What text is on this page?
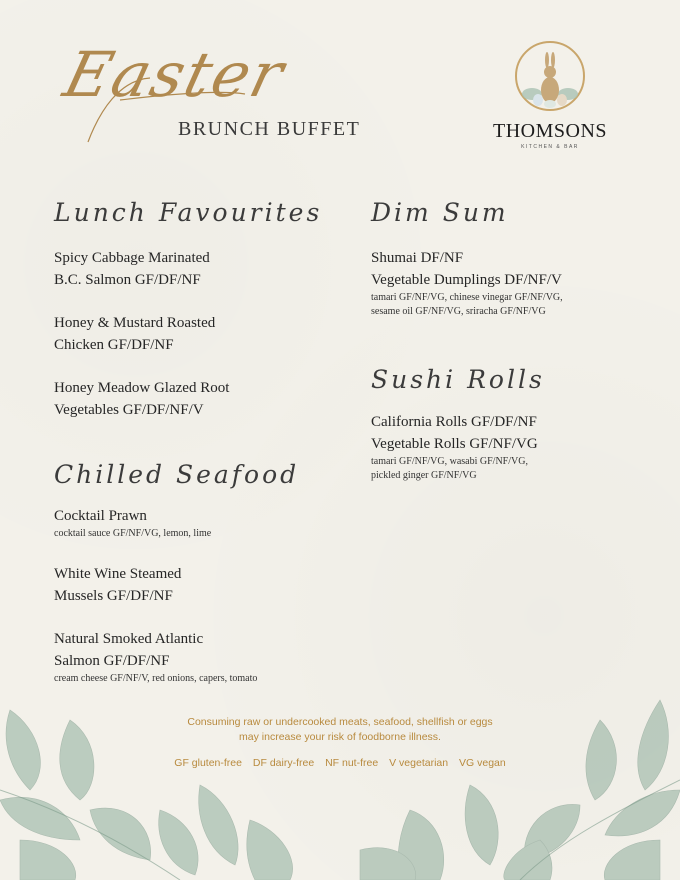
Easter
BRUNCH BUFFET	THOMSONS
KITCHEN & BAR
Lunch Favourites
Spicy Cabbage Marinated
B.C. Salmon GF/DF/NF
Honey & Mustard Roasted
Chicken GF/DF/NF
Honey Meadow Glazed Root
Vegetables GF/DF/NF/V
Chilled Seafood
Cocktail Prawn
cocktail sauce GF/NF/VG, lemon, lime
White Wine Steamed
Mussels GF/DF/NF
Natural Smoked Atlantic
Salmon GF/DF/NF
cream cheese GF/NF/V, red onions, capers, tomato
Dim Sum
Shumai DF/NF
Vegetable Dumplings DF/NF/V
tamari GF/NF/VG, chinese vinegar GF/NF/VG,
sesame oil GF/NF/VG, sriracha GF/NF/VG
Sushi Rolls
California Rolls GF/DF/NF
Vegetable Rolls GF/NF/VG
tamari GF/NF/VG, wasabi GF/NF/VG,
pickled ginger GF/NF/VG
Consuming raw or undercooked meats, seafood, shellfish or eggs
may increase your risk of foodborne illness.
GF gluten-free DF dairy-free NF nut-free V vegetarian VG vegan
